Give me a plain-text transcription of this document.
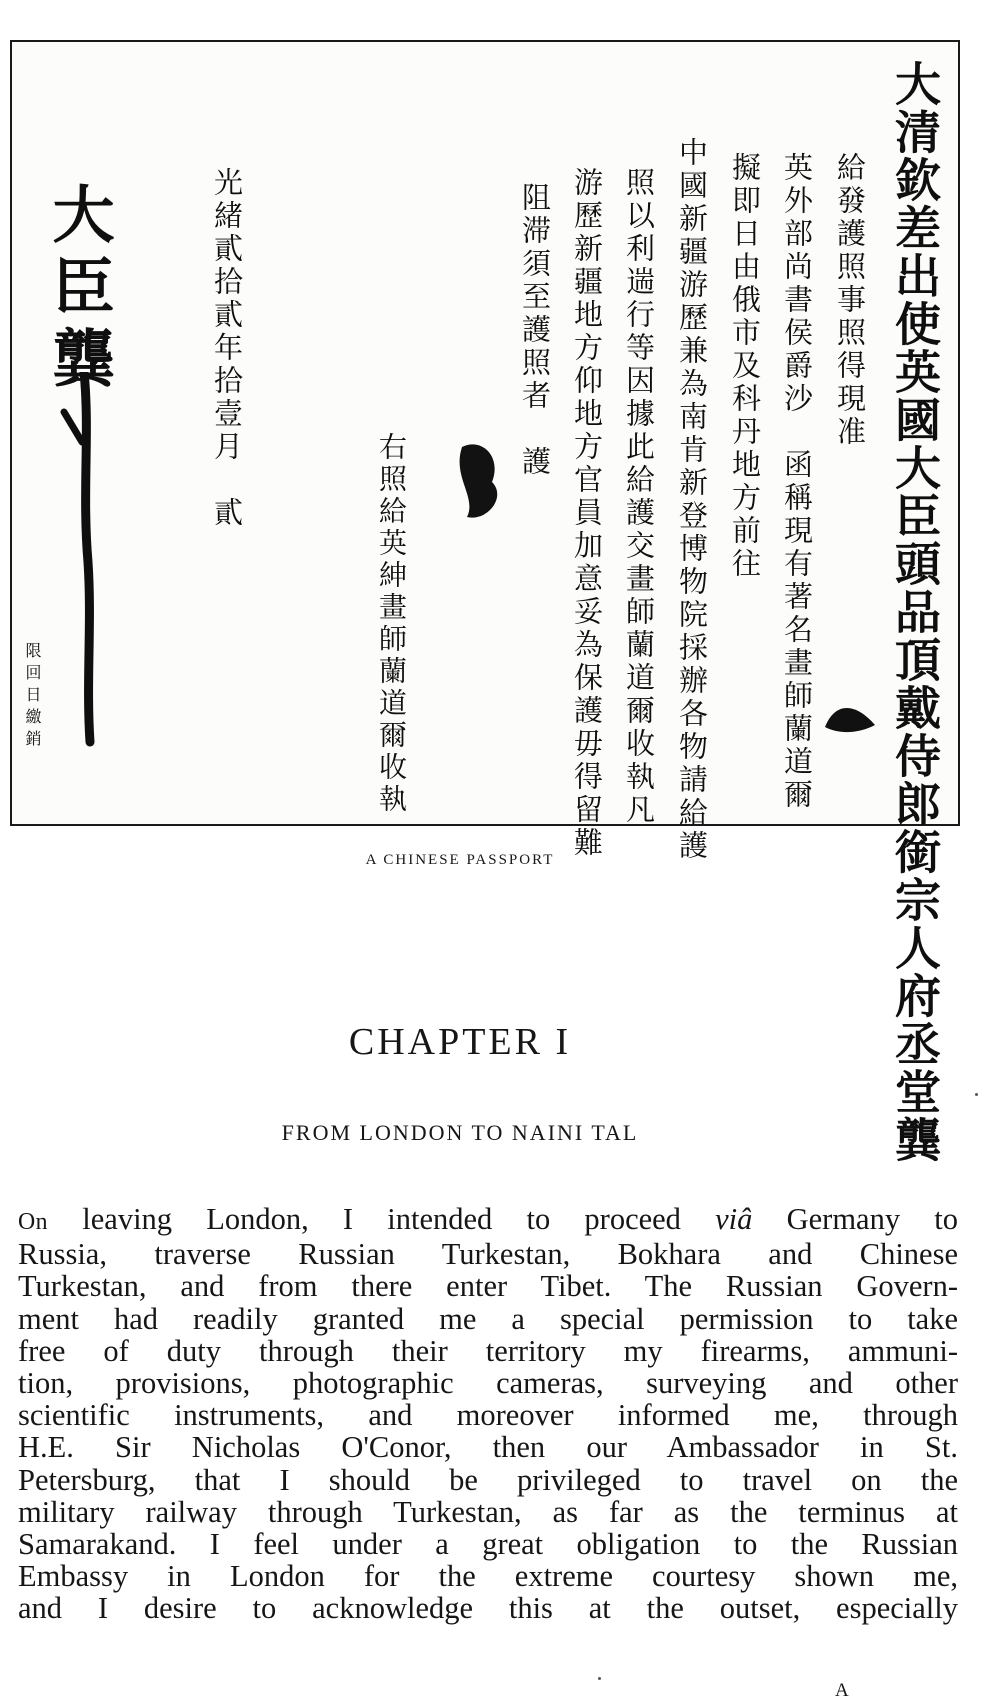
大清欽差出使英國大臣頭品頂戴侍郎銜宗人府丞堂龔
給發護照事照得現准
英外部尚書侯爵沙　函稱現有著名畫師蘭道爾
擬即日由俄市及科丹地方前往
中國新疆游歷兼為南肯新登博物院採辦各物請給護
照以利遄行等因據此給護交畫師蘭道爾收執凡
游歷新疆地方仰地方官員加意妥為保護毋得留難
阻滞須至護照者　護
右照給英紳畫師蘭道爾收執
光緒貳拾貳年拾壹月　貳
大臣龔
限回日繳銷
A CHINESE PASSPORT
CHAPTER I
FROM LONDON TO NAINI TAL
On leaving London, I intended to proceed viâ Germany to
Russia, traverse Russian Turkestan, Bokhara and Chinese
Turkestan, and from there enter Tibet. The Russian Govern-
ment had readily granted me a special permission to take
free of duty through their territory my firearms, ammuni-
tion, provisions, photographic cameras, surveying and other
scientific instruments, and moreover informed me, through
H.E. Sir Nicholas O'Conor, then our Ambassador in St.
Petersburg, that I should be privileged to travel on the
military railway through Turkestan, as far as the terminus at
Samarakand. I feel under a great obligation to the Russian
Embassy in London for the extreme courtesy shown me,
and I desire to acknowledge this at the outset, especially
A
